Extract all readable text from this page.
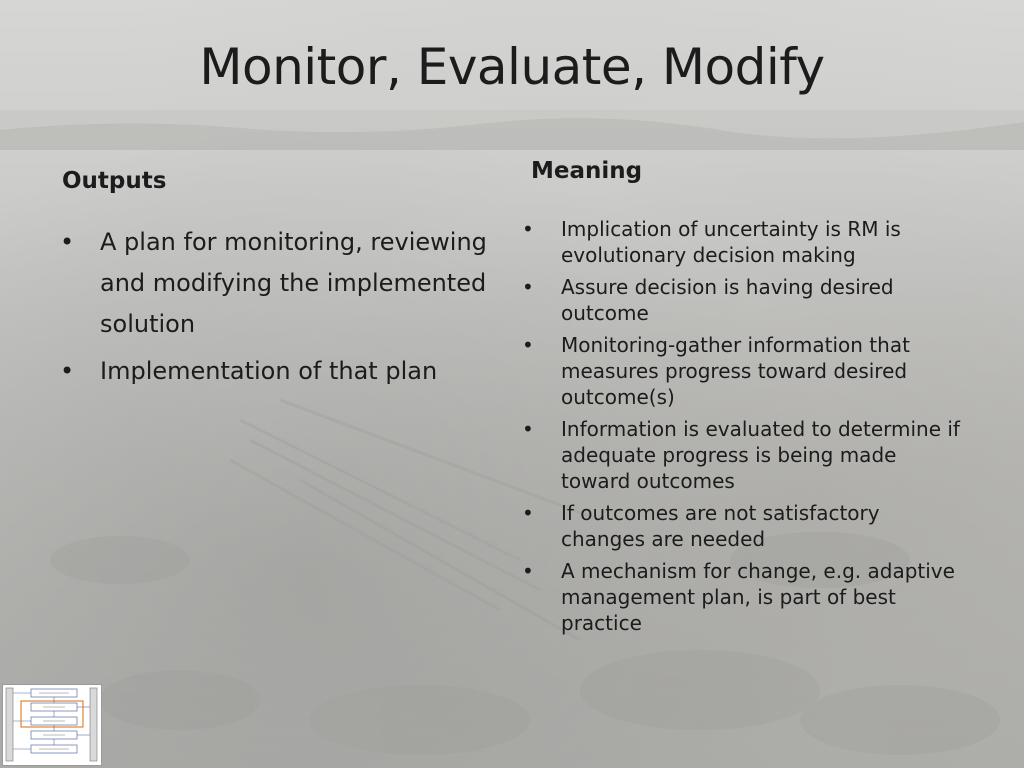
Monitor, Evaluate, Modify
Outputs	Meaning
• A plan for monitoring, reviewing and modifying the implemented solution
• Implementation of that plan
• Implication of uncertainty is RM is evolutionary decision making
• Assure decision is having desired outcome
• Monitoring-gather information that measures progress toward desired outcome(s)
• Information is evaluated to determine if adequate progress is being made toward outcomes
• If outcomes are not satisfactory changes are needed
• A mechanism for change, e.g. adaptive management plan, is part of best practice
